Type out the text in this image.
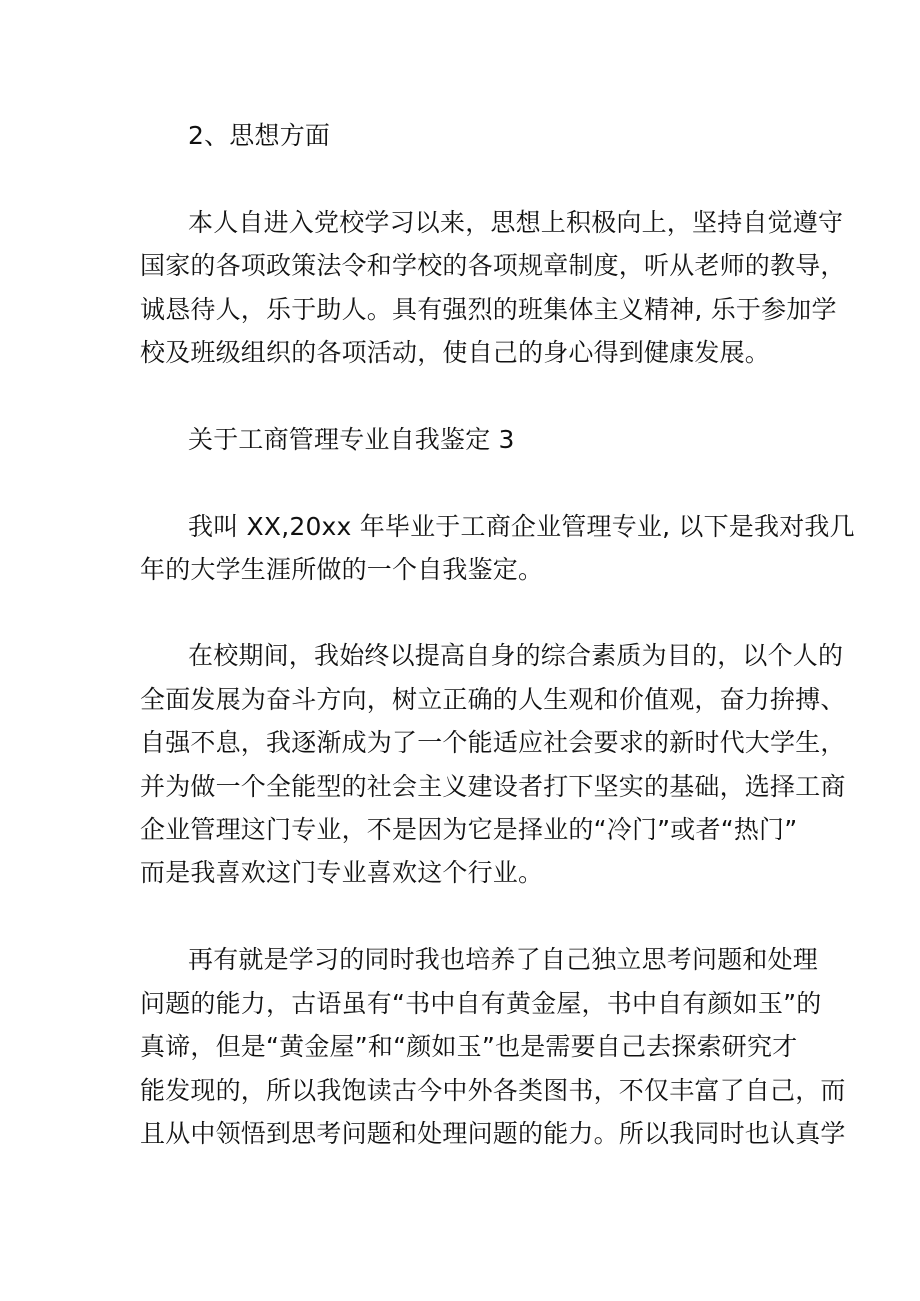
2、思想方面
本人自进入党校学习以来，思想上积极向上，坚持自觉遵守
国家的各项政策法令和学校的各项规章制度，听从老师的教导，
诚恳待人，乐于助人。具有强烈的班集体主义精神, 乐于参加学
校及班级组织的各项活动，使自己的身心得到健康发展。
关于工商管理专业自我鉴定 3
我叫 XX,20xx 年毕业于工商企业管理专业, 以下是我对我几
年的大学生涯所做的一个自我鉴定。
在校期间，我始终以提高自身的综合素质为目的，以个人的
全面发展为奋斗方向，树立正确的人生观和价值观，奋力拚搏、
自强不息，我逐渐成为了一个能适应社会要求的新时代大学生，
并为做一个全能型的社会主义建设者打下坚实的基础，选择工商
企业管理这门专业，不是因为它是择业的“冷门”或者“热门”
而是我喜欢这门专业喜欢这个行业。
再有就是学习的同时我也培养了自己独立思考问题和处理
问题的能力，古语虽有“书中自有黄金屋，书中自有颜如玉”的
真谛，但是“黄金屋”和“颜如玉”也是需要自己去探索研究才
能发现的，所以我饱读古今中外各类图书，不仅丰富了自己，而
且从中领悟到思考问题和处理问题的能力。所以我同时也认真学
